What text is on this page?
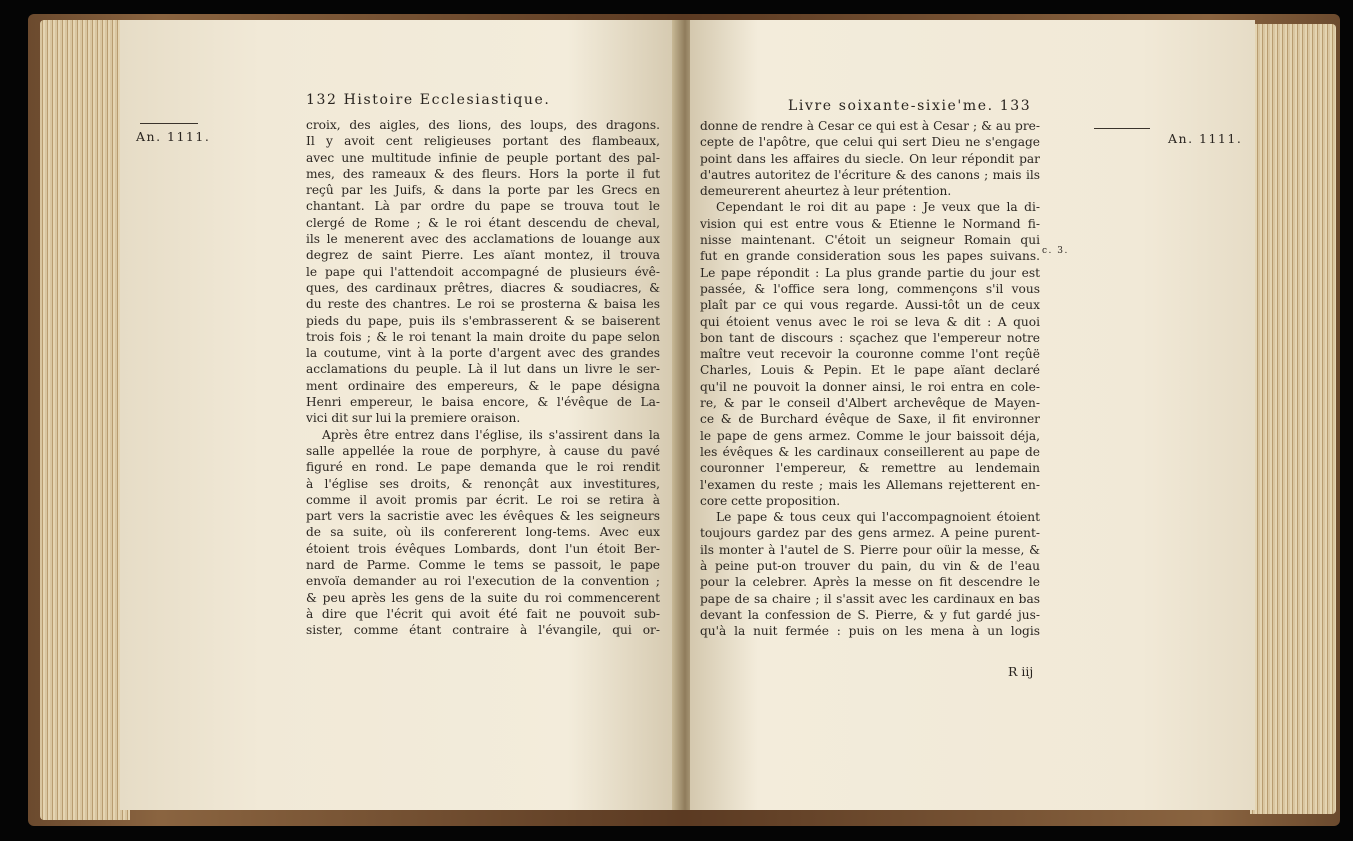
132 Histoire Ecclesiastique.
An. 1111.
croix, des aigles, des lions, des loups, des dragons.
Il y avoit cent religieuses portant des flambeaux,
avec une multitude infinie de peuple portant des pal-
mes, des rameaux & des fleurs. Hors la porte il fut
reçû par les Juifs, & dans la porte par les Grecs en
chantant. Là par ordre du pape se trouva tout le
clergé de Rome ; & le roi étant descendu de cheval,
ils le menerent avec des acclamations de louange aux
degrez de saint Pierre. Les aïant montez, il trouva
le pape qui l'attendoit accompagné de plusieurs évê-
ques, des cardinaux prêtres, diacres & soudiacres, &
du reste des chantres. Le roi se prosterna & baisa les
pieds du pape, puis ils s'embrasserent & se baiserent
trois fois ; & le roi tenant la main droite du pape selon
la coutume, vint à la porte d'argent avec des grandes
acclamations du peuple. Là il lut dans un livre le ser-
ment ordinaire des empereurs, & le pape désigna
Henri empereur, le baisa encore, & l'évêque de La-
vici dit sur lui la premiere oraison.
Après être entrez dans l'église, ils s'assirent dans la
salle appellée la roue de porphyre, à cause du pavé
figuré en rond. Le pape demanda que le roi rendit
à l'église ses droits, & renonçât aux investitures,
comme il avoit promis par écrit. Le roi se retira à
part vers la sacristie avec les évêques & les seigneurs
de sa suite, où ils confererent long-tems. Avec eux
étoient trois évêques Lombards, dont l'un étoit Ber-
nard de Parme. Comme le tems se passoit, le pape
envoïa demander au roi l'execution de la convention ;
& peu après les gens de la suite du roi commencerent
à dire que l'écrit qui avoit été fait ne pouvoit sub-
sister, comme étant contraire à l'évangile, qui or-
Livre soixante-sixie'me. 133
An. 1111.
c. 3.
donne de rendre à Cesar ce qui est à Cesar ; & au pre-
cepte de l'apôtre, que celui qui sert Dieu ne s'engage
point dans les affaires du siecle. On leur répondit par
d'autres autoritez de l'écriture & des canons ; mais ils
demeurerent aheurtez à leur prétention.
Cependant le roi dit au pape : Je veux que la di-
vision qui est entre vous & Etienne le Normand fi-
nisse maintenant. C'étoit un seigneur Romain qui
fut en grande consideration sous les papes suivans.
Le pape répondit : La plus grande partie du jour est
passée, & l'office sera long, commençons s'il vous
plaît par ce qui vous regarde. Aussi-tôt un de ceux
qui étoient venus avec le roi se leva & dit : A quoi
bon tant de discours : sçachez que l'empereur notre
maître veut recevoir la couronne comme l'ont reçûë
Charles, Louis & Pepin. Et le pape aïant declaré
qu'il ne pouvoit la donner ainsi, le roi entra en cole-
re, & par le conseil d'Albert archevêque de Mayen-
ce & de Burchard évêque de Saxe, il fit environner
le pape de gens armez. Comme le jour baissoit déja,
les évêques & les cardinaux conseillerent au pape de
couronner l'empereur, & remettre au lendemain
l'examen du reste ; mais les Allemans rejetterent en-
core cette proposition.
Le pape & tous ceux qui l'accompagnoient étoient
toujours gardez par des gens armez. A peine purent-
ils monter à l'autel de S. Pierre pour oüir la messe, &
à peine put-on trouver du pain, du vin & de l'eau
pour la celebrer. Après la messe on fit descendre le
pape de sa chaire ; il s'assit avec les cardinaux en bas
devant la confession de S. Pierre, & y fut gardé jus-
qu'à la nuit fermée : puis on les mena à un logis
R iij
